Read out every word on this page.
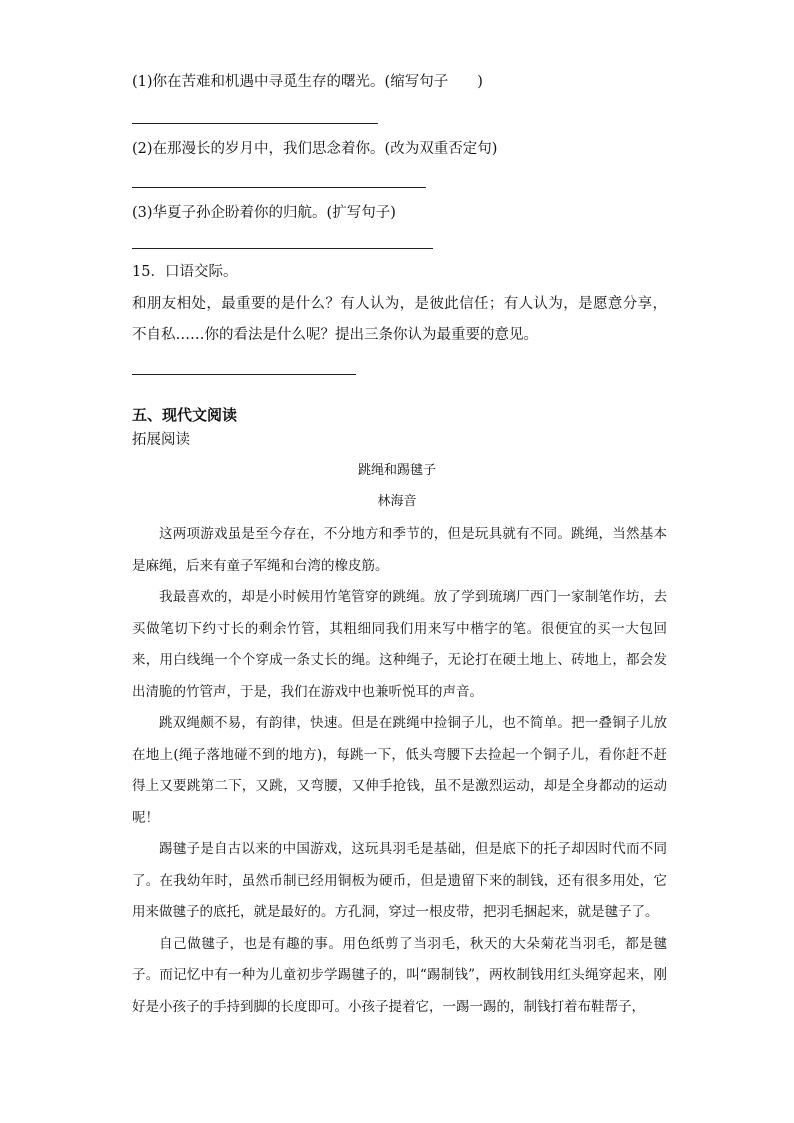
(1)你在苦难和机遇中寻觅生存的曙光。(缩写句子　　)
(2)在那漫长的岁月中，我们思念着你。(改为双重否定句)
(3)华夏子孙企盼着你的归航。(扩写句子)
15．口语交际。

和朋友相处，最重要的是什么？有人认为，是彼此信任；有人认为，是愿意分享，不自私……你的看法是什么呢？提出三条你认为最重要的意见。

五、现代文阅读
拓展阅读
跳绳和踢毽子
林海音

这两项游戏虽是至今存在，不分地方和季节的，但是玩具就有不同。跳绳，当然基本是麻绳，后来有童子军绳和台湾的橡皮筋。

我最喜欢的，却是小时候用竹笔管穿的跳绳。放了学到琉璃厂西门一家制笔作坊，去买做笔切下约寸长的剩余竹管，其粗细同我们用来写中楷字的笔。很便宜的买一大包回来，用白线绳一个个穿成一条丈长的绳。这种绳子，无论打在硬土地上、砖地上，都会发出清脆的竹管声，于是，我们在游戏中也兼听悦耳的声音。

跳双绳颇不易，有韵律，快速。但是在跳绳中捡铜子儿，也不简单。把一叠铜子儿放在地上(绳子落地碰不到的地方)，每跳一下，低头弯腰下去捡起一个铜子儿，看你赶不赶得上又要跳第二下，又跳，又弯腰，又伸手抢钱，虽不是激烈运动，却是全身都动的运动呢！

踢毽子是自古以来的中国游戏，这玩具羽毛是基础，但是底下的托子却因时代而不同了。在我幼年时，虽然币制已经用铜板为硬币，但是遗留下来的制钱，还有很多用处，它用来做毽子的底托，就是最好的。方孔洞，穿过一根皮带，把羽毛捆起来，就是毽子了。

自己做毽子，也是有趣的事。用色纸剪了当羽毛，秋天的大朵菊花当羽毛，都是毽子。而记忆中有一种为儿童初步学踢毽子的，叫“踢制钱”，两枚制钱用红头绳穿起来，刚好是小孩子的手持到脚的长度即可。小孩子提着它，一踢一踢的，制钱打着布鞋帮子，
